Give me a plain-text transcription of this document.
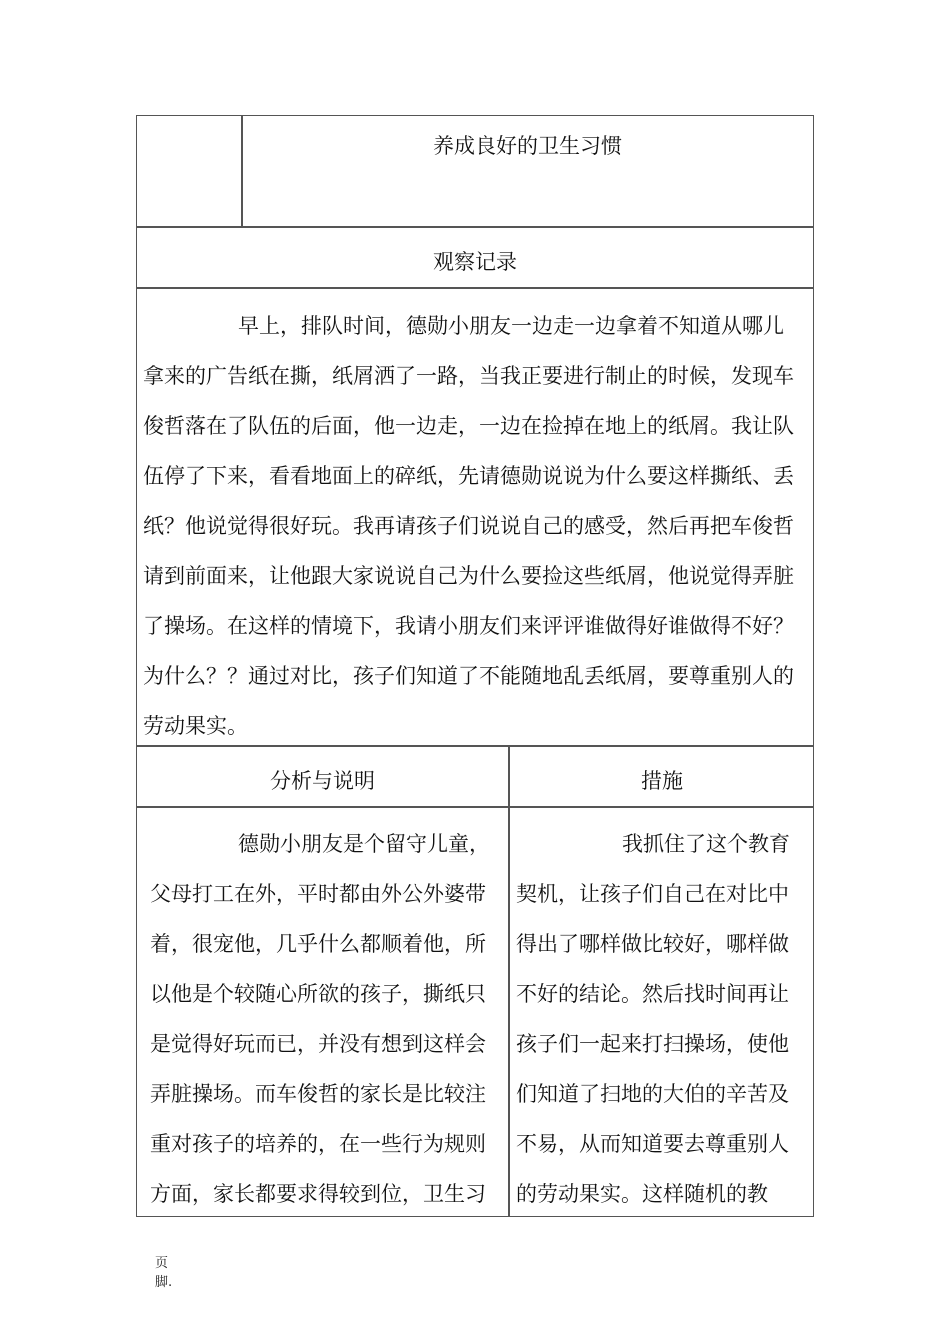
养成良好的卫生习惯
观察记录
早上，排队时间，德勋小朋友一边走一边拿着不知道从哪儿
拿来的广告纸在撕，纸屑洒了一路，当我正要进行制止的时候，发现车
俊哲落在了队伍的后面，他一边走，一边在捡掉在地上的纸屑。我让队
伍停了下来，看看地面上的碎纸，先请德勋说说为什么要这样撕纸、丢
纸？他说觉得很好玩。我再请孩子们说说自己的感受，然后再把车俊哲
请到前面来，让他跟大家说说自己为什么要捡这些纸屑，他说觉得弄脏
了操场。在这样的情境下，我请小朋友们来评评谁做得好谁做得不好？
为什么？？通过对比，孩子们知道了不能随地乱丢纸屑，要尊重别人的
劳动果实。
分析与说明	措施
德勋小朋友是个留守儿童，
父母打工在外，平时都由外公外婆带
着，很宠他，几乎什么都顺着他，所
以他是个较随心所欲的孩子，撕纸只
是觉得好玩而已，并没有想到这样会
弄脏操场。而车俊哲的家长是比较注
重对孩子的培养的，在一些行为规则
方面，家长都要求得较到位，卫生习
我抓住了这个教育
契机，让孩子们自己在对比中
得出了哪样做比较好，哪样做
不好的结论。然后找时间再让
孩子们一起来打扫操场，使他
们知道了扫地的大伯的辛苦及
不易，从而知道要去尊重别人
的劳动果实。这样随机的教
页
脚.
